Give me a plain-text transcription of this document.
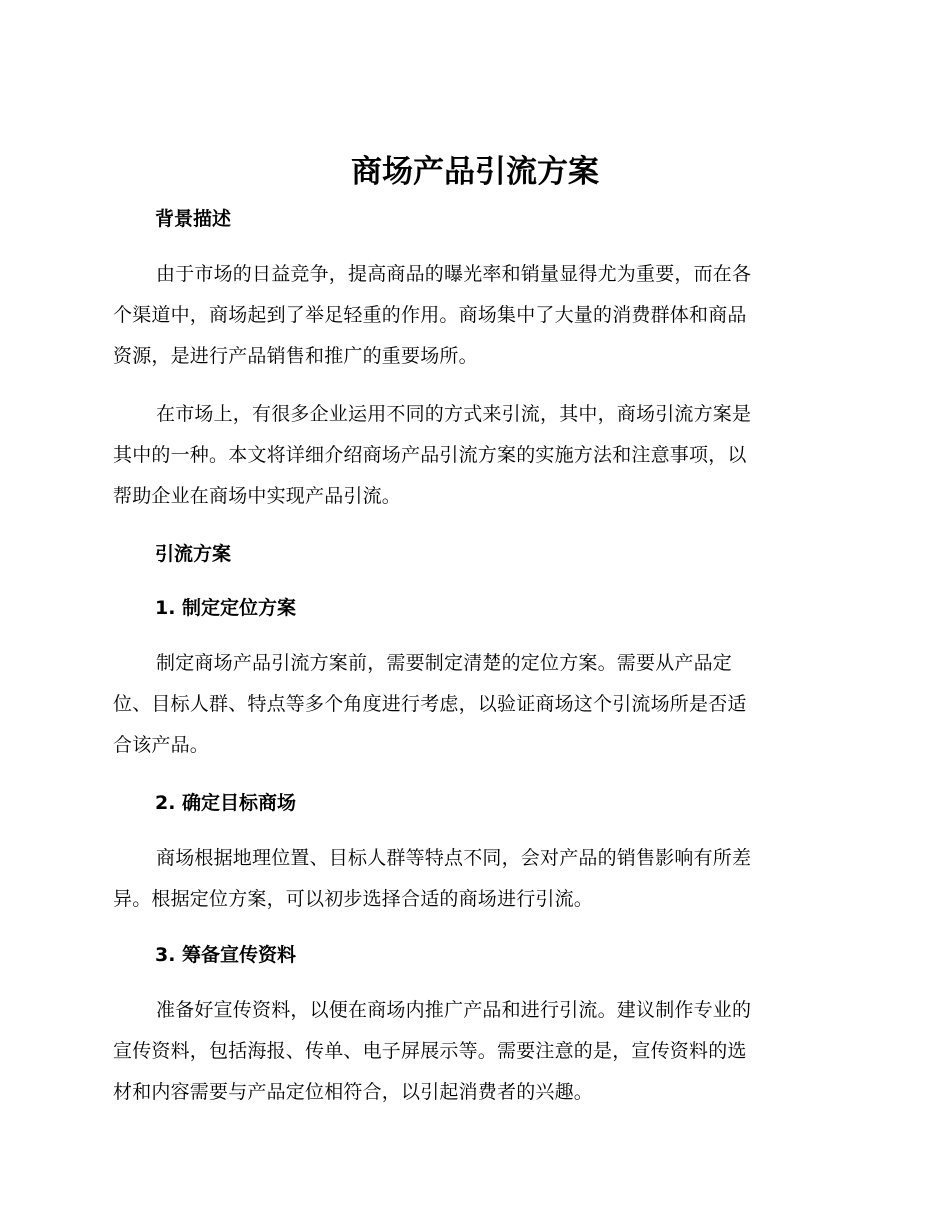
商场产品引流方案
背景描述

由于市场的日益竞争，提高商品的曝光率和销量显得尤为重要，而在各
个渠道中，商场起到了举足轻重的作用。商场集中了大量的消费群体和商品
资源，是进行产品销售和推广的重要场所。

在市场上，有很多企业运用不同的方式来引流，其中，商场引流方案是
其中的一种。本文将详细介绍商场产品引流方案的实施方法和注意事项，以
帮助企业在商场中实现产品引流。

引流方案
1. 制定定位方案

制定商场产品引流方案前，需要制定清楚的定位方案。需要从产品定
位、目标人群、特点等多个角度进行考虑，以验证商场这个引流场所是否适
合该产品。

2. 确定目标商场

商场根据地理位置、目标人群等特点不同，会对产品的销售影响有所差
异。根据定位方案，可以初步选择合适的商场进行引流。

3. 筹备宣传资料

准备好宣传资料，以便在商场内推广产品和进行引流。建议制作专业的
宣传资料，包括海报、传单、电子屏展示等。需要注意的是，宣传资料的选
材和内容需要与产品定位相符合，以引起消费者的兴趣。
